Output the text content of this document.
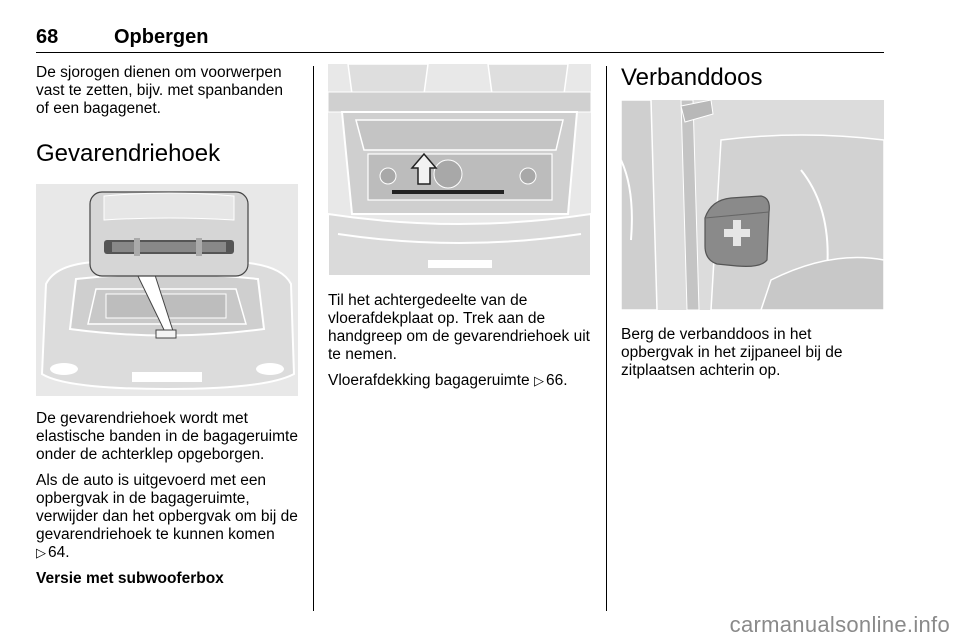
68	Opbergen

De sjorogen dienen om voorwerpen vast te zetten, bijv. met spanbanden of een bagagenet.

Gevarendriehoek

De gevarendriehoek wordt met elastische banden in de bagageruimte onder de achterklep opgeborgen.

Als de auto is uitgevoerd met een opbergvak in de bagageruimte, verwijder dan het opbergvak om bij de gevarendriehoek te kunnen komen
▷ 64.

Versie met subwooferbox

Til het achtergedeelte van de vloerafdekplaat op. Trek aan de handgreep om de gevarendriehoek uit te nemen.

Vloerafdekking bagageruimte ▷ 66.

Verbanddoos

Berg de verbanddoos in het opbergvak in het zijpaneel bij de zitplaatsen achterin op.

carmanualsonline.info
